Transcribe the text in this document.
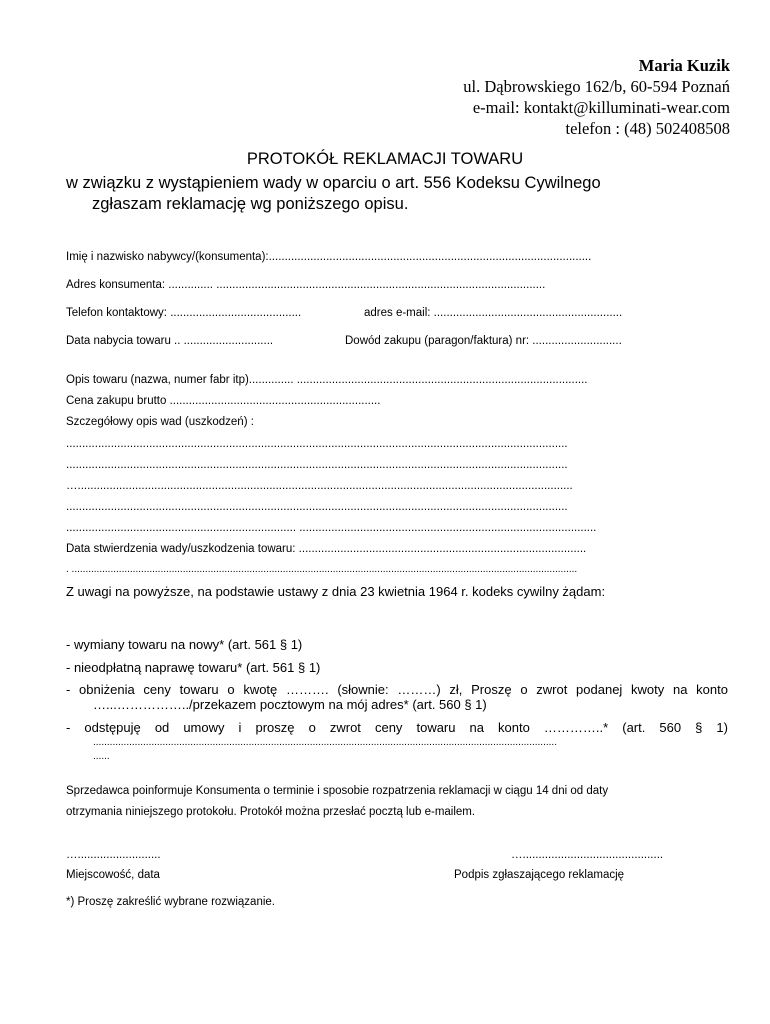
Maria Kuzik
ul. Dąbrowskiego 162/b, 60-594 Poznań
e-mail: kontakt@killuminati-wear.com
telefon : (48) 502408508
PROTOKÓŁ REKLAMACJI TOWARU
w związku z wystąpieniem wady w oparciu o art. 556 Kodeksu Cywilnego
zgłaszam reklamację wg poniższego opisu.
Imię i nazwisko nabywcy/(konsumenta):.....................................................................................................
Adres konsumenta: .............. .......................................................................................................
Telefon kontaktowy: .........................................	adres e-mail: ...........................................................
Data nabycia towaru .. ............................	Dowód zakupu (paragon/faktura) nr: ............................
Opis towaru (nazwa, numer fabr itp).............. ...........................................................................................
Cena zakupu brutto ..................................................................
Szczegółowy opis wad (uszkodzeń) :
.............................................................................................................................................................
.............................................................................................................................................................
…...........................................................................................................................................................
.............................................................................................................................................................
........................................................................ .............................................................................................
Data stwierdzenia wady/uszkodzenia towaru: ..........................................................................................
. ......................................................................................................................................................................................
Z uwagi na powyższe, na podstawie ustawy z dnia 23 kwietnia 1964 r. kodeks cywilny żądam:
- wymiany towaru na nowy* (art. 561 § 1)
- nieodpłatną naprawę towaru* (art. 561 § 1)
- obniżenia ceny towaru o kwotę ………. (słownie: ………) zł, Proszę o zwrot podanej kwoty na konto
…...……………../przekazem pocztowym na mój adres* (art. 560 § 1)
- odstępuję od umowy i proszę o zwrot ceny towaru na konto …………..* (art. 560 § 1)
.......................................................................................................................................................................
......
Sprzedawca poinformuje Konsumenta o terminie i sposobie rozpatrzenia reklamacji w ciągu 14 dni od daty
otrzymania niniejszego protokołu. Protokół można przesłać pocztą lub e-mailem.
…..........................	…............................................
Miejscowość, data	Podpis zgłaszającego reklamację
*) Proszę zakreślić wybrane rozwiązanie.
